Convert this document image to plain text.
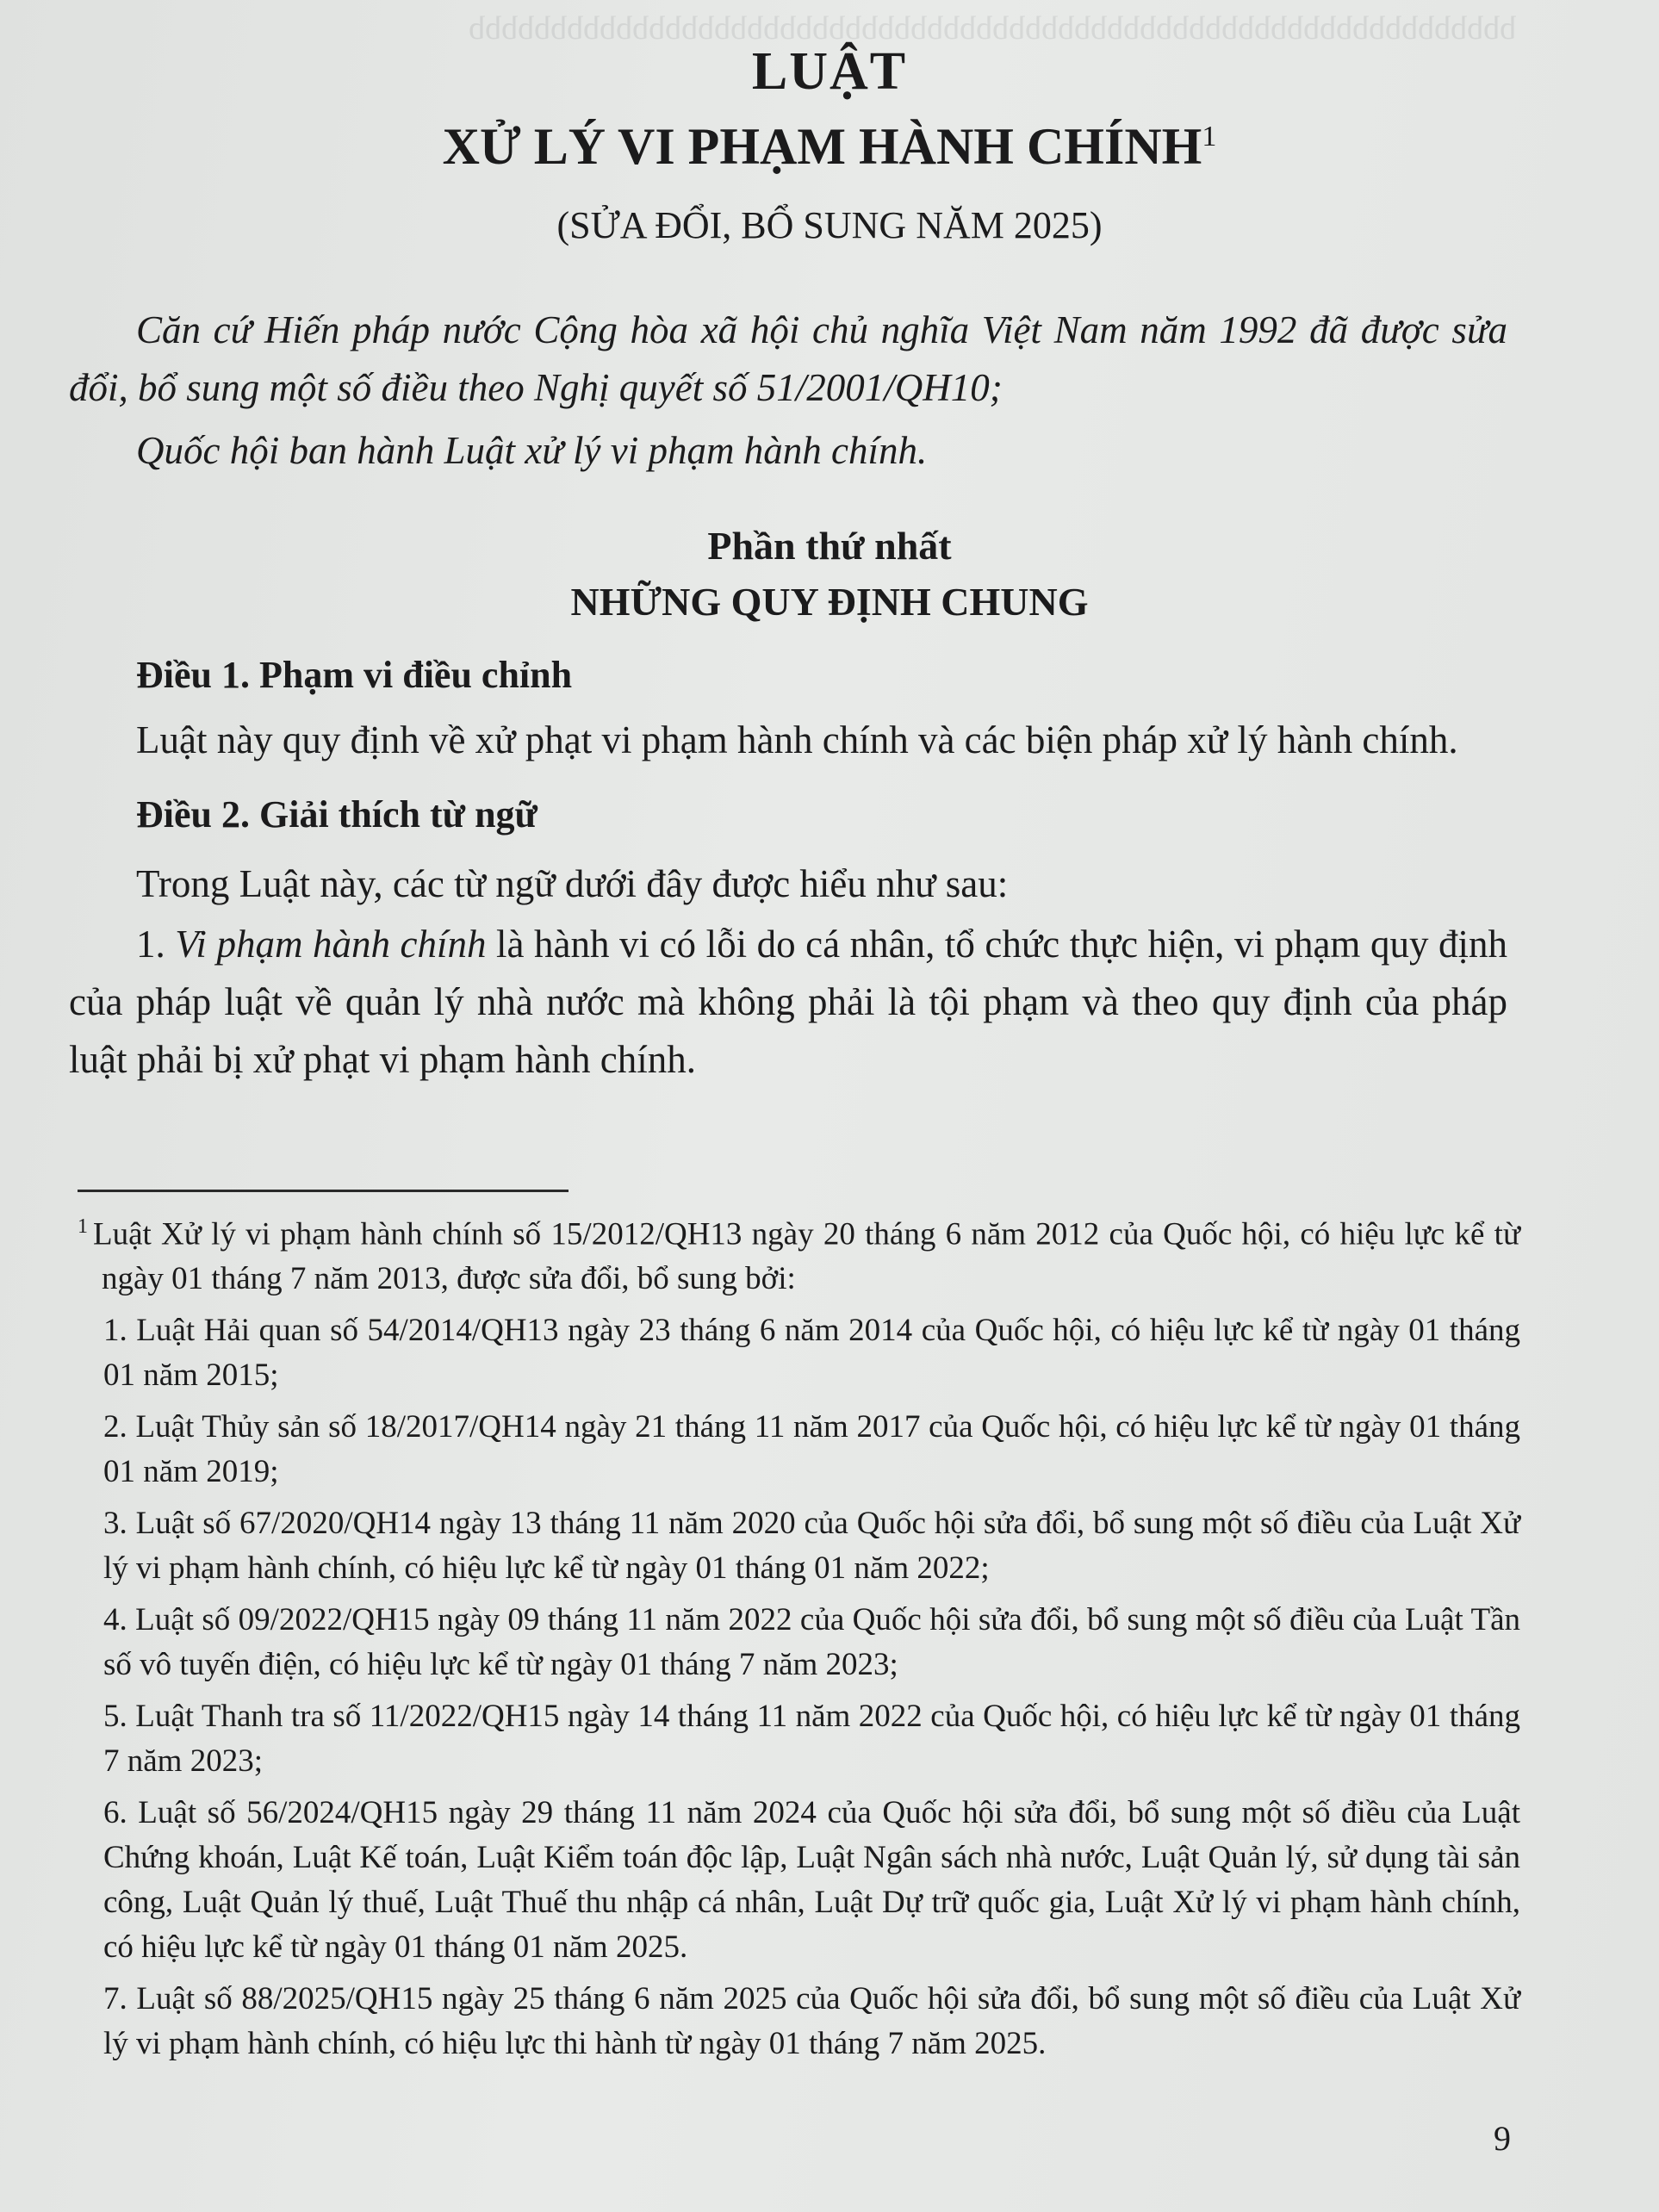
bbbbbbbbbbbbbbbbbbbbbbbbbbbbbbbbbbbbbbbbbbbbbbbbbbbbbbbbbbbbbbbb

LUẬT
XỬ LÝ VI PHẠM HÀNH CHÍNH$^1$
(SỬA ĐỔI, BỔ SUNG NĂM 2025)
Căn cứ Hiến pháp nước Cộng hòa xã hội chủ nghĩa Việt Nam năm 1992 đã được sửa đổi, bổ sung một số điều theo Nghị quyết số 51/2001/QH10;
Quốc hội ban hành Luật xử lý vi phạm hành chính.
Phần thứ nhất
NHỮNG QUY ĐỊNH CHUNG
Điều 1. Phạm vi điều chỉnh
Luật này quy định về xử phạt vi phạm hành chính và các biện pháp xử lý hành chính.
Điều 2. Giải thích từ ngữ
Trong Luật này, các từ ngữ dưới đây được hiểu như sau:
1. Vi phạm hành chính là hành vi có lỗi do cá nhân, tổ chức thực hiện, vi phạm quy định của pháp luật về quản lý nhà nước mà không phải là tội phạm và theo quy định của pháp luật phải bị xử phạt vi phạm hành chính.
$^1$ Luật Xử lý vi phạm hành chính số 15/2012/QH13 ngày 20 tháng 6 năm 2012 của Quốc hội, có hiệu lực kể từ ngày 01 tháng 7 năm 2013, được sửa đổi, bổ sung bởi:
1. Luật Hải quan số 54/2014/QH13 ngày 23 tháng 6 năm 2014 của Quốc hội, có hiệu lực kể từ ngày 01 tháng 01 năm 2015;
2. Luật Thủy sản số 18/2017/QH14 ngày 21 tháng 11 năm 2017 của Quốc hội, có hiệu lực kể từ ngày 01 tháng 01 năm 2019;
3. Luật số 67/2020/QH14 ngày 13 tháng 11 năm 2020 của Quốc hội sửa đổi, bổ sung một số điều của Luật Xử lý vi phạm hành chính, có hiệu lực kể từ ngày 01 tháng 01 năm 2022;
4. Luật số 09/2022/QH15 ngày 09 tháng 11 năm 2022 của Quốc hội sửa đổi, bổ sung một số điều của Luật Tần số vô tuyến điện, có hiệu lực kể từ ngày 01 tháng 7 năm 2023;
5. Luật Thanh tra số 11/2022/QH15 ngày 14 tháng 11 năm 2022 của Quốc hội, có hiệu lực kể từ ngày 01 tháng 7 năm 2023;
6. Luật số 56/2024/QH15 ngày 29 tháng 11 năm 2024 của Quốc hội sửa đổi, bổ sung một số điều của Luật Chứng khoán, Luật Kế toán, Luật Kiểm toán độc lập, Luật Ngân sách nhà nước, Luật Quản lý, sử dụng tài sản công, Luật Quản lý thuế, Luật Thuế thu nhập cá nhân, Luật Dự trữ quốc gia, Luật Xử lý vi phạm hành chính, có hiệu lực kể từ ngày 01 tháng 01 năm 2025.
7. Luật số 88/2025/QH15 ngày 25 tháng 6 năm 2025 của Quốc hội sửa đổi, bổ sung một số điều của Luật Xử lý vi phạm hành chính, có hiệu lực thi hành từ ngày 01 tháng 7 năm 2025.
9
